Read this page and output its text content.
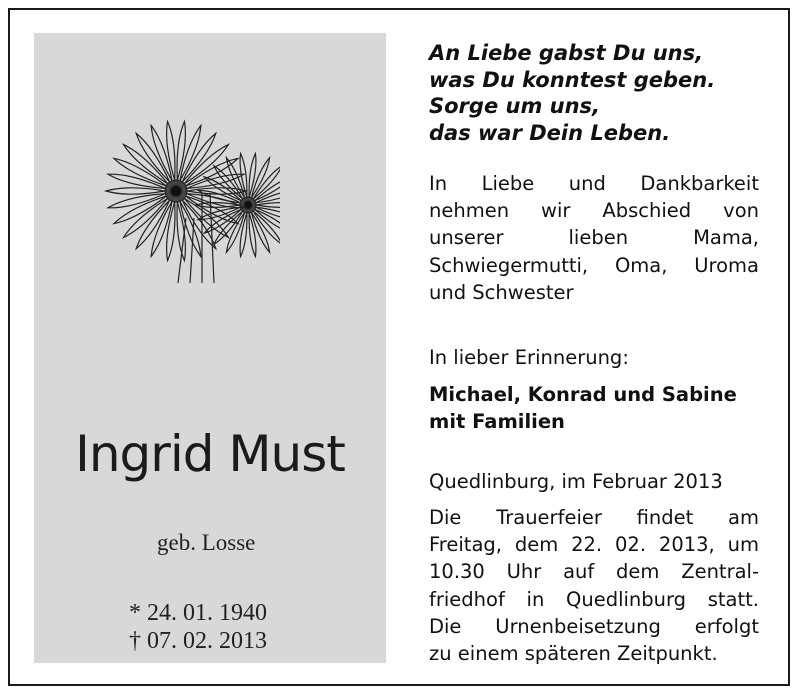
Ingrid Must
geb. Losse
* 24. 01. 1940
† 07. 02. 2013
An Liebe gabst Du uns,
was Du konntest geben.
Sorge um uns,
das war Dein Leben.
In Liebe und Dankbarkeit
nehmen wir Abschied von
unserer lieben Mama,
Schwiegermutti, Oma, Uroma
und Schwester
In lieber Erinnerung:
Michael, Konrad und Sabine
mit Familien
Quedlinburg, im Februar 2013
Die Trauerfeier findet am
Freitag, dem 22. 02. 2013, um
10.30 Uhr auf dem Zentral-
friedhof in Quedlinburg statt.
Die Urnenbeisetzung erfolgt
zu einem späteren Zeitpunkt.
